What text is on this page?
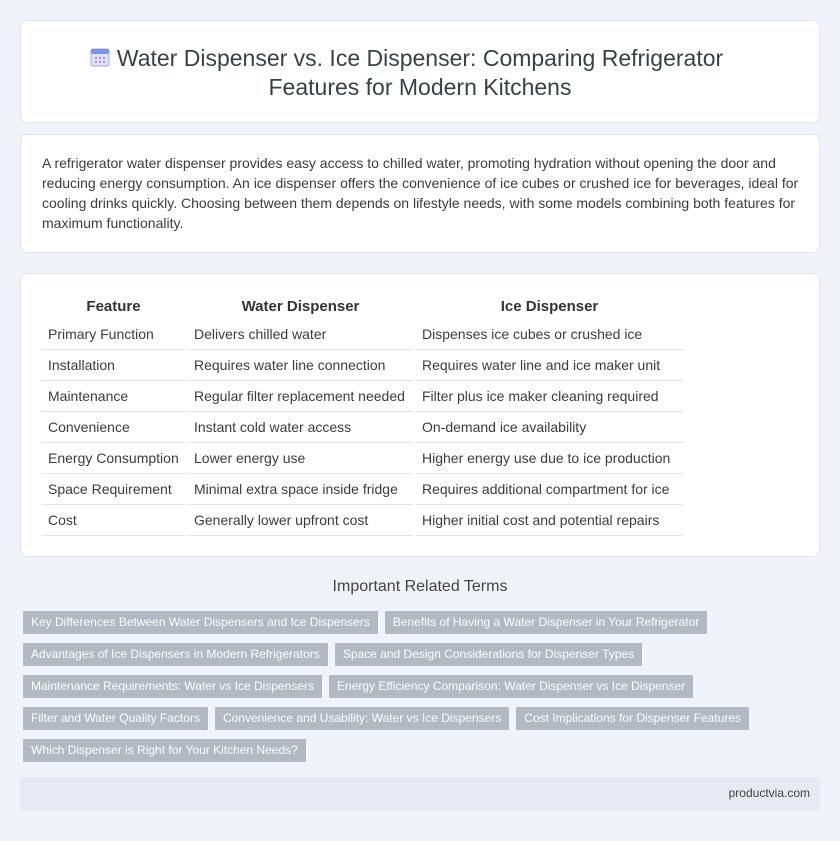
Water Dispenser vs. Ice Dispenser: Comparing Refrigerator Features for Modern Kitchens

A refrigerator water dispenser provides easy access to chilled water, promoting hydration without opening the door and reducing energy consumption. An ice dispenser offers the convenience of ice cubes or crushed ice for beverages, ideal for cooling drinks quickly. Choosing between them depends on lifestyle needs, with some models combining both features for maximum functionality.

Feature		Water Dispenser		Ice Dispenser
Primary Function		Delivers chilled water		Dispenses ice cubes or crushed ice
Installation		Requires water line connection		Requires water line and ice maker unit
Maintenance		Regular filter replacement needed		Filter plus ice maker cleaning required
Convenience		Instant cold water access		On-demand ice availability
Energy Consumption		Lower energy use		Higher energy use due to ice production
Space Requirement		Minimal extra space inside fridge		Requires additional compartment for ice
Cost		Generally lower upfront cost		Higher initial cost and potential repairs
Important Related Terms
Key Differences Between Water Dispensers and Ice Dispensers	Benefits of Having a Water Dispenser in Your Refrigerator
Advantages of Ice Dispensers in Modern Refrigerators	Space and Design Considerations for Dispenser Types
Maintenance Requirements: Water vs Ice Dispensers	Energy Efficiency Comparison: Water Dispenser vs Ice Dispenser
Filter and Water Quality Factors	Convenience and Usability: Water vs Ice Dispensers	Cost Implications for Dispenser Features
Which Dispenser is Right for Your Kitchen Needs?
productvia.com
